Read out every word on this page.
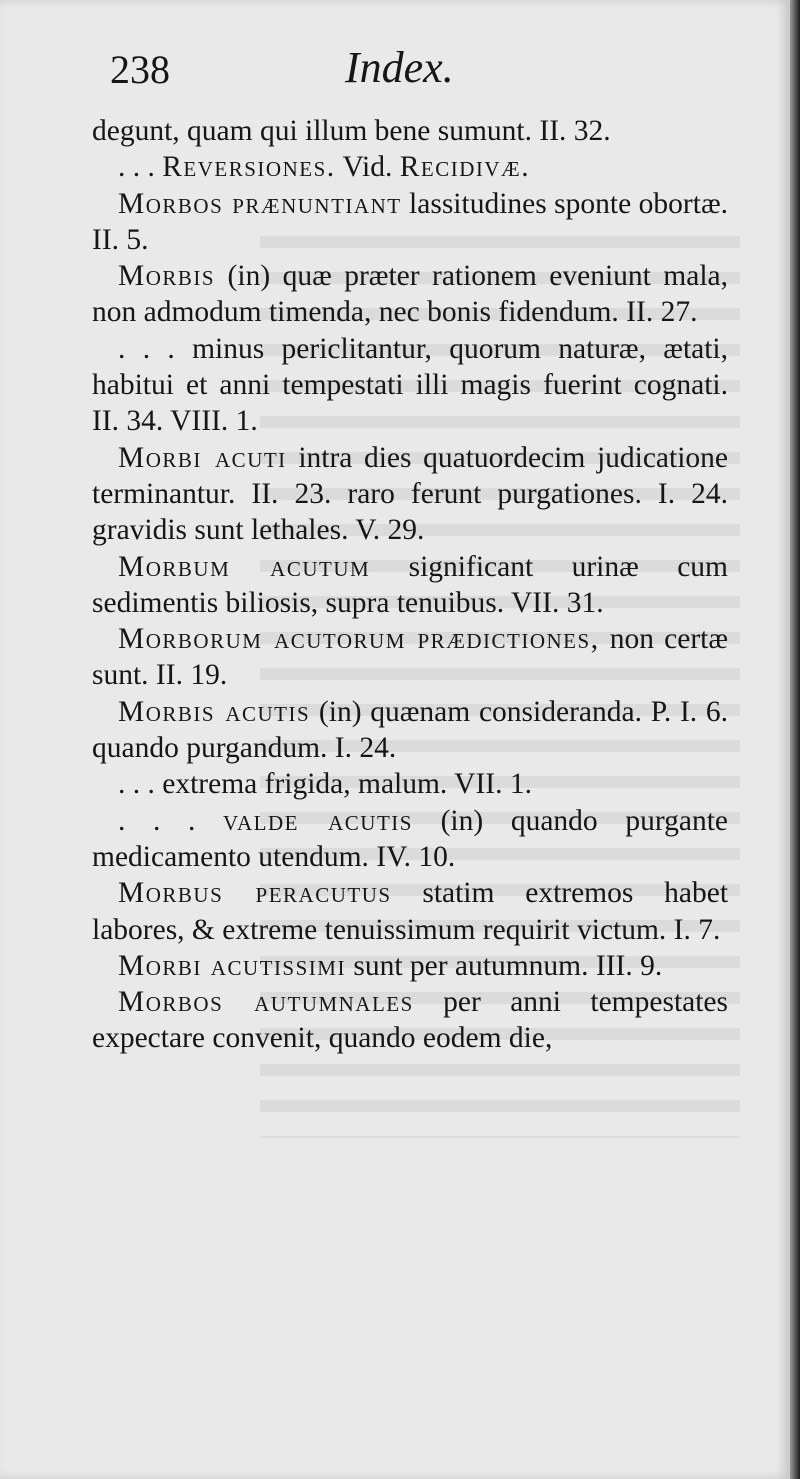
238	Index.

degunt, quam qui illum bene sumunt. II. 32.

. . . Reversiones. Vid. Recidivæ.

Morbos prænuntiant lassitudines sponte obortæ. II. 5.

Morbis (in) quæ præter rationem eveniunt mala, non admodum timenda, nec bonis fidendum. II. 27.

. . . minus periclitantur, quorum naturæ, ætati, habitui et anni tempestati illi magis fuerint cognati. II. 34. VIII. 1.

Morbi acuti intra dies quatuordecim judicatione terminantur. II. 23. raro ferunt purgationes. I. 24. gravidis sunt lethales. V. 29.

Morbum acutum significant urinæ cum sedimentis biliosis, supra tenuibus. VII. 31.

Morborum acutorum prædictiones, non certæ sunt. II. 19.

Morbis acutis (in) quænam consideranda. P. I. 6. quando purgandum. I. 24.

. . . extrema frigida, malum. VII. 1.

. . . valde acutis (in) quando purgante medicamento utendum. IV. 10.

Morbus peracutus statim extremos habet labores, & extreme tenuissimum requirit victum. I. 7.

Morbi acutissimi sunt per autumnum. III. 9.

Morbos autumnales per anni tempestates expectare convenit, quando eodem die,
